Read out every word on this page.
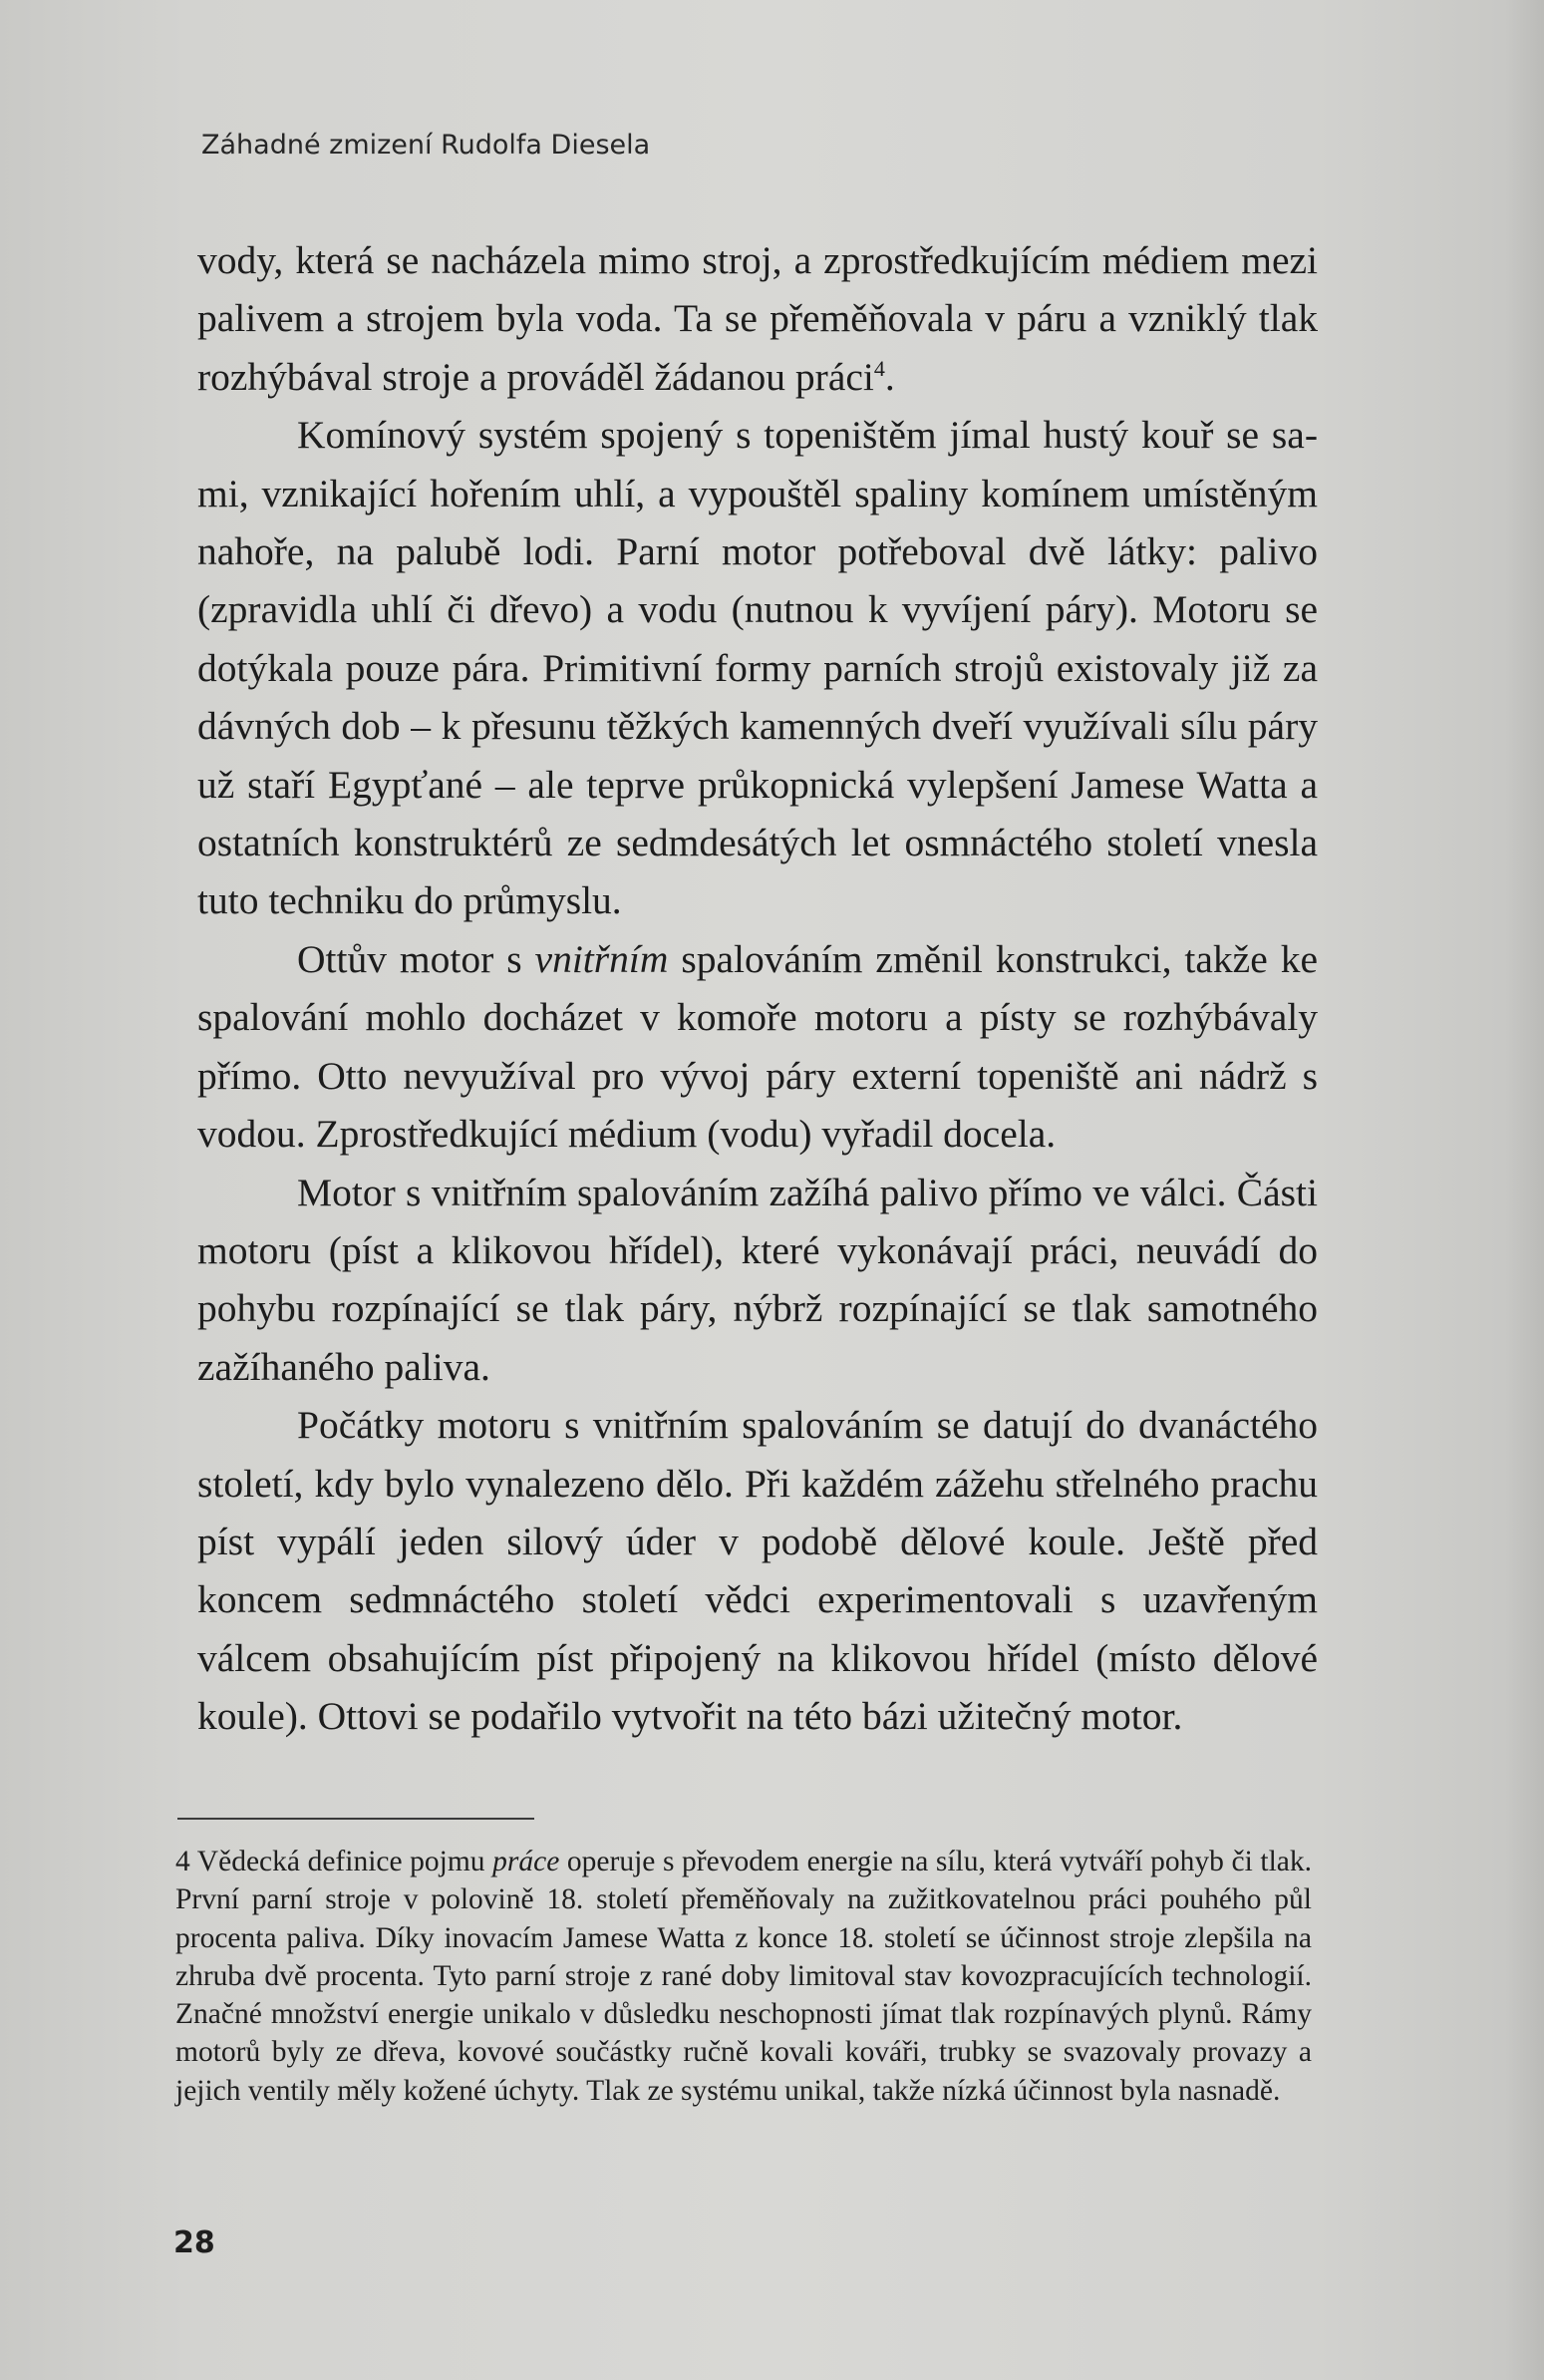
Záhadné zmizení Rudolfa Diesela

vody, která se nacházela mimo stroj, a zprostředkujícím médiem mezi palivem a strojem byla voda. Ta se přeměňovala v páru a vzniklý tlak rozhýbával stroje a prováděl žádanou práci$^4$.

Komínový systém spojený s topeništěm jímal hustý kouř se sami, vznikající hořením uhlí, a vypouštěl spaliny komínem umístěným nahoře, na palubě lodi. Parní motor potřeboval dvě látky: palivo (zpravidla uhlí či dřevo) a vodu (nutnou k vyvíjení páry). Motoru se dotýkala pouze pára. Primitivní formy parních strojů existovaly již za dávných dob – k přesunu těžkých kamenných dveří využívali sílu páry už staří Egypťané – ale teprve průkopnická vylepšení Jamese Watta a ostatních konstruktérů ze sedmdesátých let osmnáctého století vnesla tuto techniku do průmyslu.

Ottův motor s vnitřním spalováním změnil konstrukci, takže ke spalování mohlo docházet v komoře motoru a písty se rozhýbávaly přímo. Otto nevyužíval pro vývoj páry externí topeniště ani nádrž s vodou. Zprostředkující médium (vodu) vyřadil docela.

Motor s vnitřním spalováním zažíhá palivo přímo ve válci. Části motoru (píst a klikovou hřídel), které vykonávají práci, neuvádí do pohybu rozpínající se tlak páry, nýbrž rozpínající se tlak samotného zažíhaného paliva.

Počátky motoru s vnitřním spalováním se datují do dvanáctého století, kdy bylo vynalezeno dělo. Při každém zážehu střelného prachu píst vypálí jeden silový úder v podobě dělové koule. Ještě před koncem sedmnáctého století vědci experimentovali s uzavřeným válcem obsahujícím píst připojený na klikovou hřídel (místo dělové koule). Ottovi se podařilo vytvořit na této bázi užitečný motor.

4 Vědecká definice pojmu práce operuje s převodem energie na sílu, která vytváří pohyb či tlak. První parní stroje v polovině 18. století přeměňovaly na zužitkovatelnou práci pouhého půl procenta paliva. Díky inovacím Jamese Watta z konce 18. století se účinnost stroje zlepšila na zhruba dvě procenta. Tyto parní stroje z rané doby limitoval stav kovozpracujících technologií. Značné množství energie unikalo v důsledku neschopnosti jímat tlak rozpínavých plynů. Rámy motorů byly ze dřeva, kovové součástky ručně kovali kováři, trubky se svazovaly provazy a jejich ventily měly kožené úchyty. Tlak ze systému unikal, takže nízká účinnost byla nasnadě.
28
